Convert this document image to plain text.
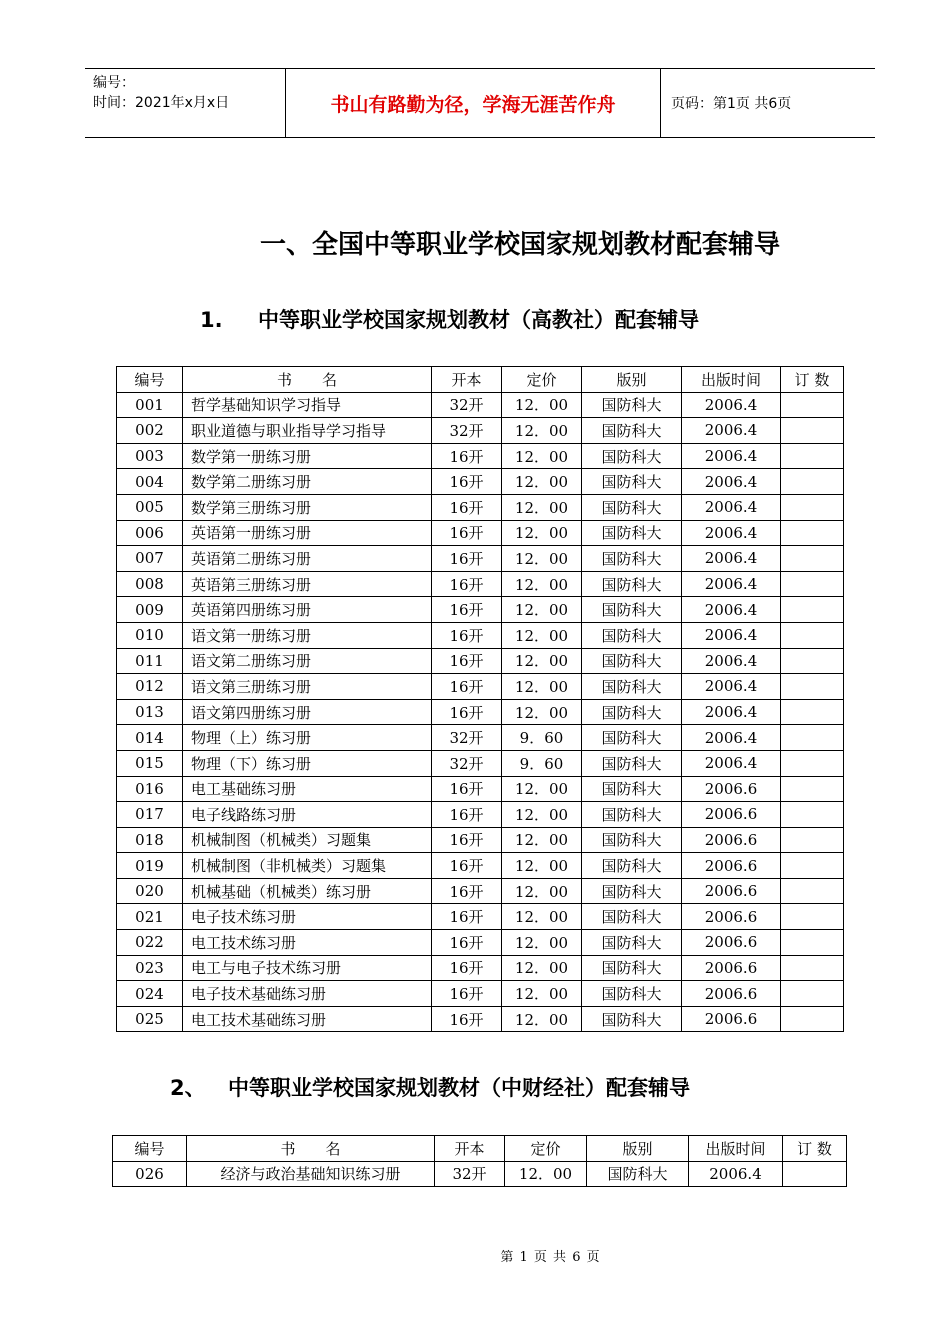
编号：
时间：2021年x月x日	书山有路勤为径，学海无涯苦作舟	页码：第1页 共6页
一、全国中等职业学校国家规划教材配套辅导
1. 中等职业学校国家规划教材（高教社）配套辅导
编号	书　　名	开本	定价	版别	出版时间	订 数
001	哲学基础知识学习指导	32开	12．00	国防科大	2006.4	
002	职业道德与职业指导学习指导	32开	12．00	国防科大	2006.4	
003	数学第一册练习册	16开	12．00	国防科大	2006.4	
004	数学第二册练习册	16开	12．00	国防科大	2006.4	
005	数学第三册练习册	16开	12．00	国防科大	2006.4	
006	英语第一册练习册	16开	12．00	国防科大	2006.4	
007	英语第二册练习册	16开	12．00	国防科大	2006.4	
008	英语第三册练习册	16开	12．00	国防科大	2006.4	
009	英语第四册练习册	16开	12．00	国防科大	2006.4	
010	语文第一册练习册	16开	12．00	国防科大	2006.4	
011	语文第二册练习册	16开	12．00	国防科大	2006.4	
012	语文第三册练习册	16开	12．00	国防科大	2006.4	
013	语文第四册练习册	16开	12．00	国防科大	2006.4	
014	物理（上）练习册	32开	9．60	国防科大	2006.4	
015	物理（下）练习册	32开	9．60	国防科大	2006.4	
016	电工基础练习册	16开	12．00	国防科大	2006.6	
017	电子线路练习册	16开	12．00	国防科大	2006.6	
018	机械制图（机械类）习题集	16开	12．00	国防科大	2006.6	
019	机械制图（非机械类）习题集	16开	12．00	国防科大	2006.6	
020	机械基础（机械类）练习册	16开	12．00	国防科大	2006.6	
021	电子技术练习册	16开	12．00	国防科大	2006.6	
022	电工技术练习册	16开	12．00	国防科大	2006.6	
023	电工与电子技术练习册	16开	12．00	国防科大	2006.6	
024	电子技术基础练习册	16开	12．00	国防科大	2006.6	
025	电工技术基础练习册	16开	12．00	国防科大	2006.6	
2、 中等职业学校国家规划教材（中财经社）配套辅导
编号	书　　名	开本	定价	版别	出版时间	订 数
026	经济与政治基础知识练习册	32开	12．00	国防科大	2006.4	
第 1 页 共 6 页
